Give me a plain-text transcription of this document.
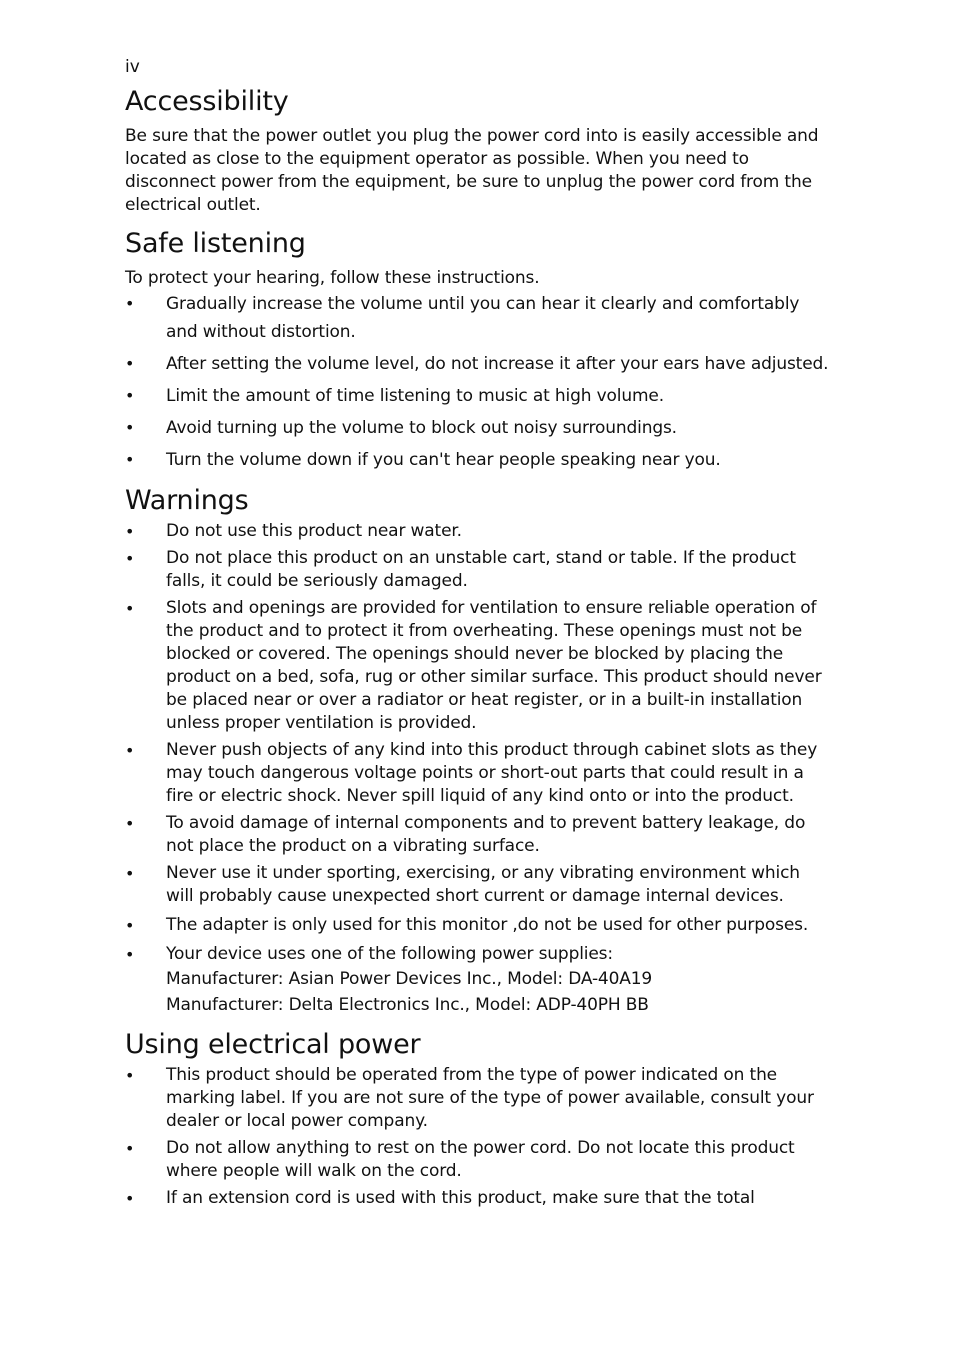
iv
Accessibility

Be sure that the power outlet you plug the power cord into is easily accessible and located as close to the equipment operator as possible. When you need to disconnect power from the equipment, be sure to unplug the power cord from the electrical outlet.

Safe listening

To protect your hearing, follow these instructions.

• Gradually increase the volume until you can hear it clearly and comfortably and without distortion.
• After setting the volume level, do not increase it after your ears have adjusted.
• Limit the amount of time listening to music at high volume.
• Avoid turning up the volume to block out noisy surroundings.
• Turn the volume down if you can't hear people speaking near you.
Warnings
• Do not use this product near water.
• Do not place this product on an unstable cart, stand or table. If the product falls, it could be seriously damaged.
• Slots and openings are provided for ventilation to ensure reliable operation of the product and to protect it from overheating. These openings must not be blocked or covered. The openings should never be blocked by placing the product on a bed, sofa, rug or other similar surface. This product should never be placed near or over a radiator or heat register, or in a built-in installation unless proper ventilation is provided.
• Never push objects of any kind into this product through cabinet slots as they may touch dangerous voltage points or short-out parts that could result in a fire or electric shock. Never spill liquid of any kind onto or into the product.
• To avoid damage of internal components and to prevent battery leakage, do not place the product on a vibrating surface.
• Never use it under sporting, exercising, or any vibrating environment which will probably cause unexpected short current or damage internal devices.
• The adapter is only used for this monitor ,do not be used for other purposes.
• Your device uses one of the following power supplies:
Manufacturer: Asian Power Devices Inc., Model: DA-40A19
Manufacturer: Delta Electronics Inc., Model: ADP-40PH BB
Using electrical power
• This product should be operated from the type of power indicated on the marking label. If you are not sure of the type of power available, consult your dealer or local power company.
• Do not allow anything to rest on the power cord. Do not locate this product where people will walk on the cord.
• If an extension cord is used with this product, make sure that the total
